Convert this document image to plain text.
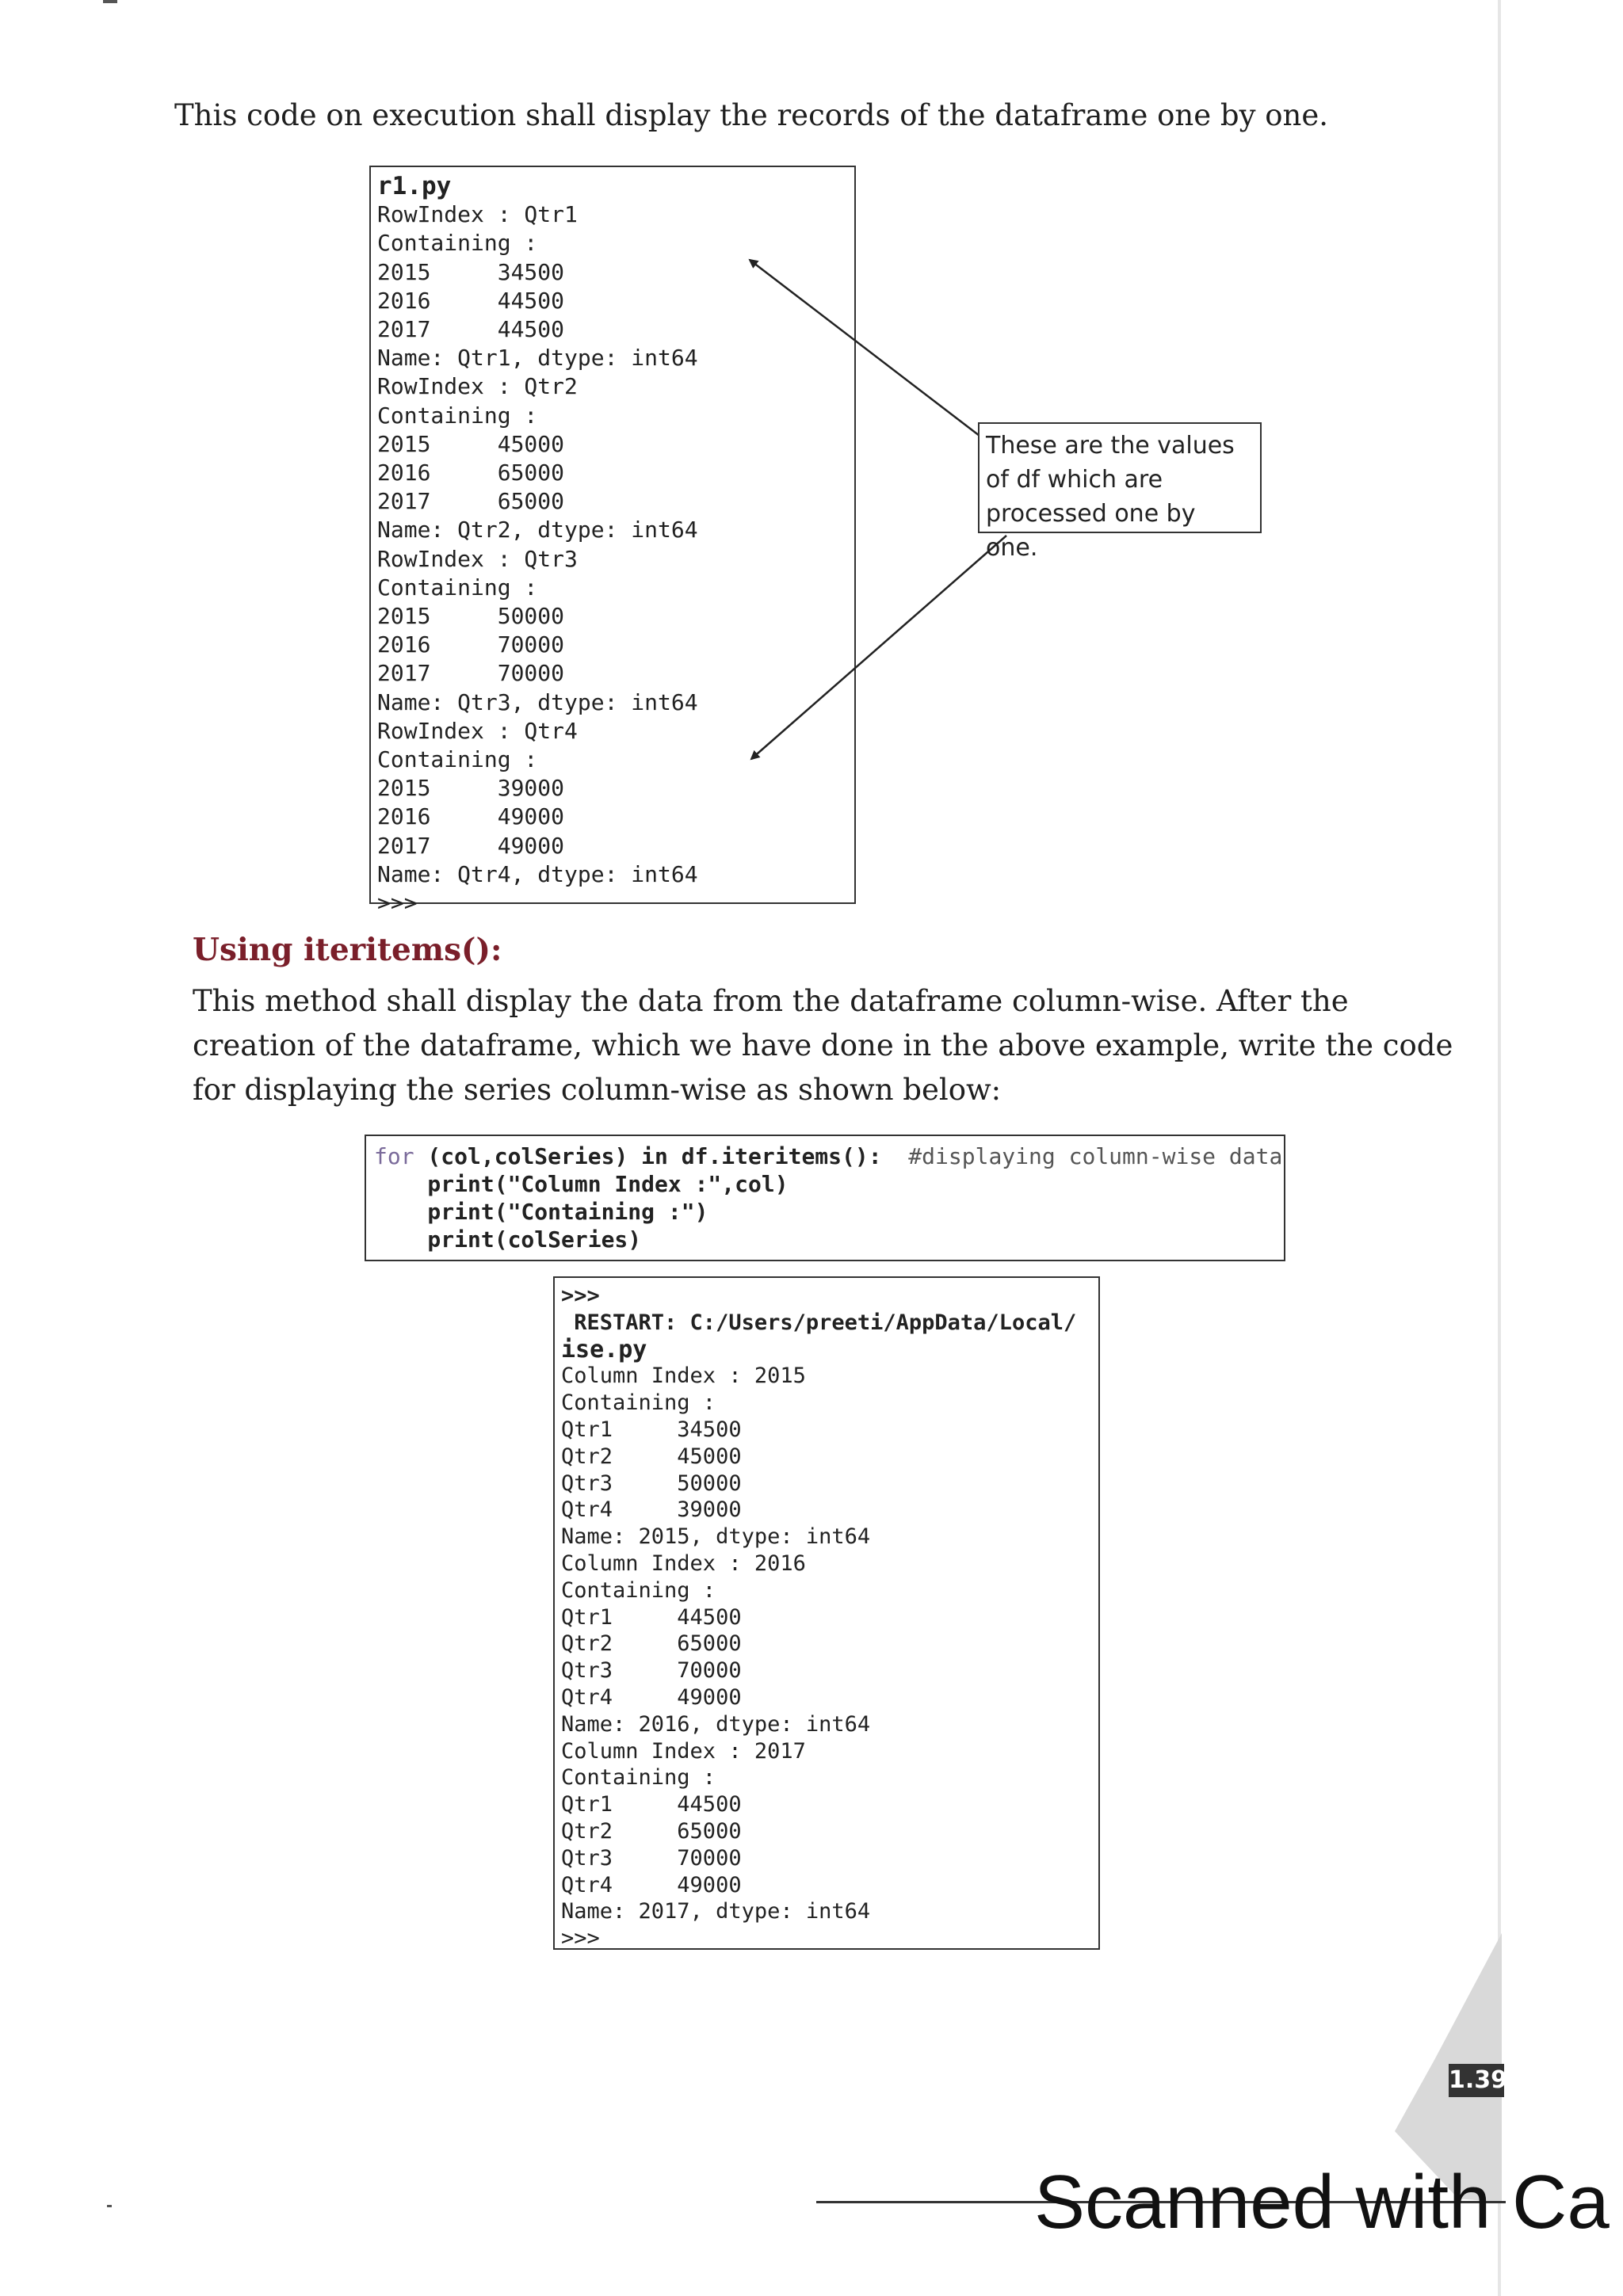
This code on execution shall display the records of the dataframe one by one.

r1.py
RowIndex : Qtr1
Containing :
2015     34500
2016     44500
2017     44500
Name: Qtr1, dtype: int64
RowIndex : Qtr2
Containing :
2015     45000
2016     65000
2017     65000
Name: Qtr2, dtype: int64
RowIndex : Qtr3
Containing :
2015     50000
2016     70000
2017     70000
Name: Qtr3, dtype: int64
RowIndex : Qtr4
Containing :
2015     39000
2016     49000
2017     49000
Name: Qtr4, dtype: int64
>>>
These are the values of df which are processed one by one.
Using iteritems():

This method shall display the data from the dataframe column-wise. After the creation of the dataframe, which we have done in the above example, write the code for displaying the series column-wise as shown below:

for (col,colSeries) in df.iteritems():  #displaying column-wise data
print("Column Index :",col)
print("Containing :")
print(colSeries)
>>>
RESTART: C:/Users/preeti/AppData/Local/
ise.py
Column Index : 2015
Containing :
Qtr1     34500
Qtr2     45000
Qtr3     50000
Qtr4     39000
Name: 2015, dtype: int64
Column Index : 2016
Containing :
Qtr1     44500
Qtr2     65000
Qtr3     70000
Qtr4     49000
Name: 2016, dtype: int64
Column Index : 2017
Containing :
Qtr1     44500
Qtr2     65000
Qtr3     70000
Qtr4     49000
Name: 2017, dtype: int64
>>>
1.39
Scanned with Ca
